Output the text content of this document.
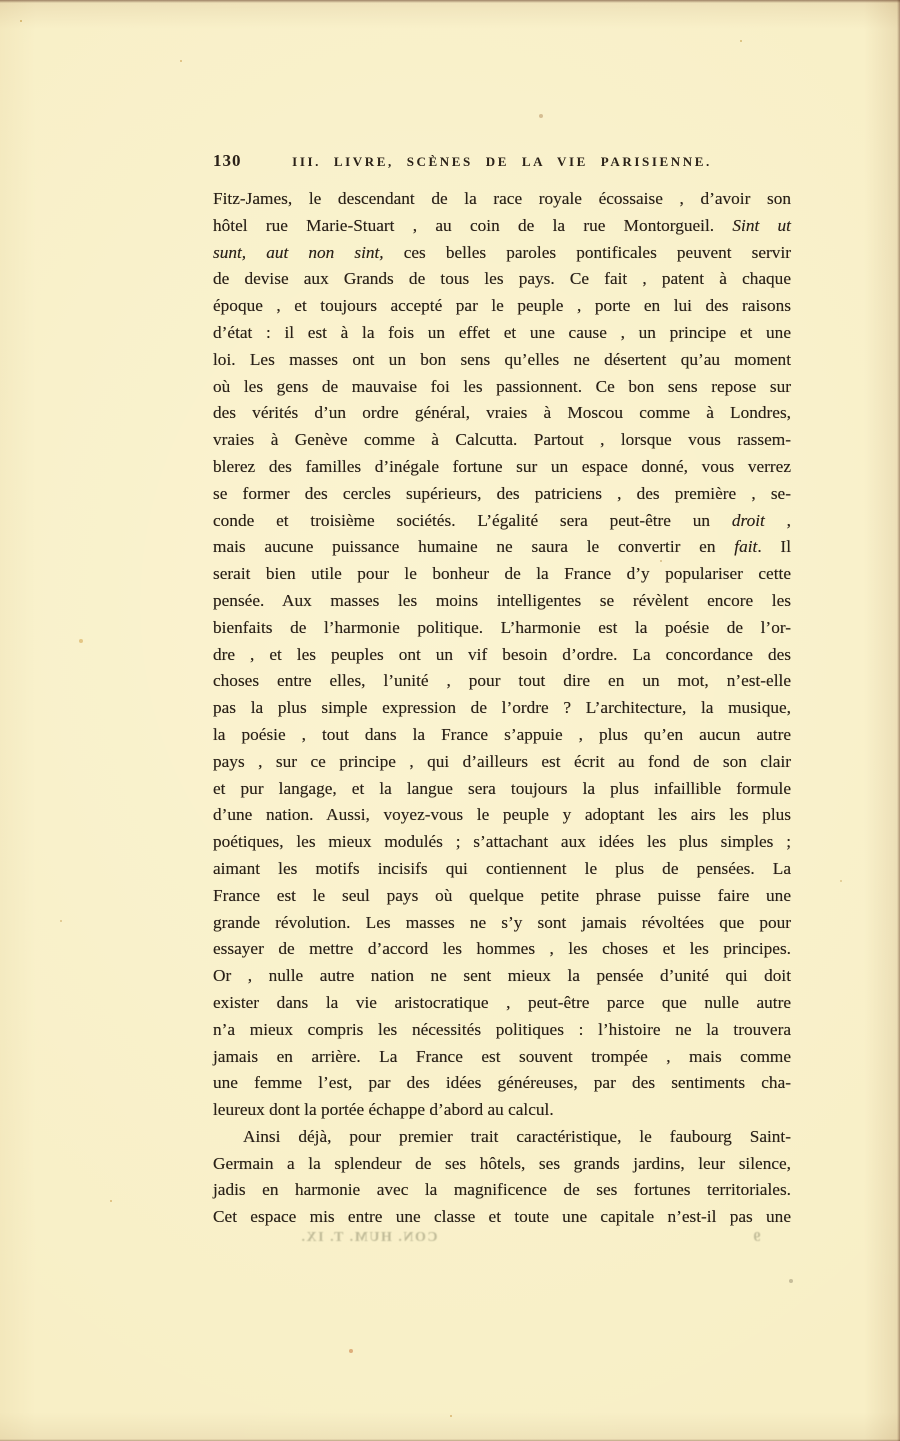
130	III. LIVRE, SCÈNES DE LA VIE PARISIENNE.
Fitz-James, le descendant de la race royale écossaise , d’avoir son
hôtel rue Marie-Stuart , au coin de la rue Montorgueil. Sint ut
sunt, aut non sint, ces belles paroles pontificales peuvent servir
de devise aux Grands de tous les pays. Ce fait , patent à chaque
époque , et toujours accepté par le peuple , porte en lui des raisons
d’état : il est à la fois un effet et une cause , un principe et une
loi. Les masses ont un bon sens qu’elles ne désertent qu’au moment
où les gens de mauvaise foi les passionnent. Ce bon sens repose sur
des vérités d’un ordre général, vraies à Moscou comme à Londres,
vraies à Genève comme à Calcutta. Partout , lorsque vous rassem-
blerez des familles d’inégale fortune sur un espace donné, vous verrez
se former des cercles supérieurs, des patriciens , des première , se-
conde et troisième sociétés. L’égalité sera peut-être un droit ,
mais aucune puissance humaine ne saura le convertir en fait. Il
serait bien utile pour le bonheur de la France d’y populariser cette
pensée. Aux masses les moins intelligentes se révèlent encore les
bienfaits de l’harmonie politique. L’harmonie est la poésie de l’or-
dre , et les peuples ont un vif besoin d’ordre. La concordance des
choses entre elles, l’unité , pour tout dire en un mot, n’est-elle
pas la plus simple expression de l’ordre ? L’architecture, la musique,
la poésie , tout dans la France s’appuie , plus qu’en aucun autre
pays , sur ce principe , qui d’ailleurs est écrit au fond de son clair
et pur langage, et la langue sera toujours la plus infaillible formule
d’une nation. Aussi, voyez-vous le peuple y adoptant les airs les plus
poétiques, les mieux modulés ; s’attachant aux idées les plus simples ;
aimant les motifs incisifs qui contiennent le plus de pensées. La
France est le seul pays où quelque petite phrase puisse faire une
grande révolution. Les masses ne s’y sont jamais révoltées que pour
essayer de mettre d’accord les hommes , les choses et les principes.
Or , nulle autre nation ne sent mieux la pensée d’unité qui doit
exister dans la vie aristocratique , peut-être parce que nulle autre
n’a mieux compris les nécessités politiques : l’histoire ne la trouvera
jamais en arrière. La France est souvent trompée , mais comme
une femme l’est, par des idées généreuses, par des sentiments cha-
leureux dont la portée échappe d’abord au calcul.
Ainsi déjà, pour premier trait caractéristique, le faubourg Saint-
Germain a la splendeur de ses hôtels, ses grands jardins, leur silence,
jadis en harmonie avec la magnificence de ses fortunes territoriales.
Cet espace mis entre une classe et toute une capitale n’est-il pas une
CON. HUM. T. IX.	9
